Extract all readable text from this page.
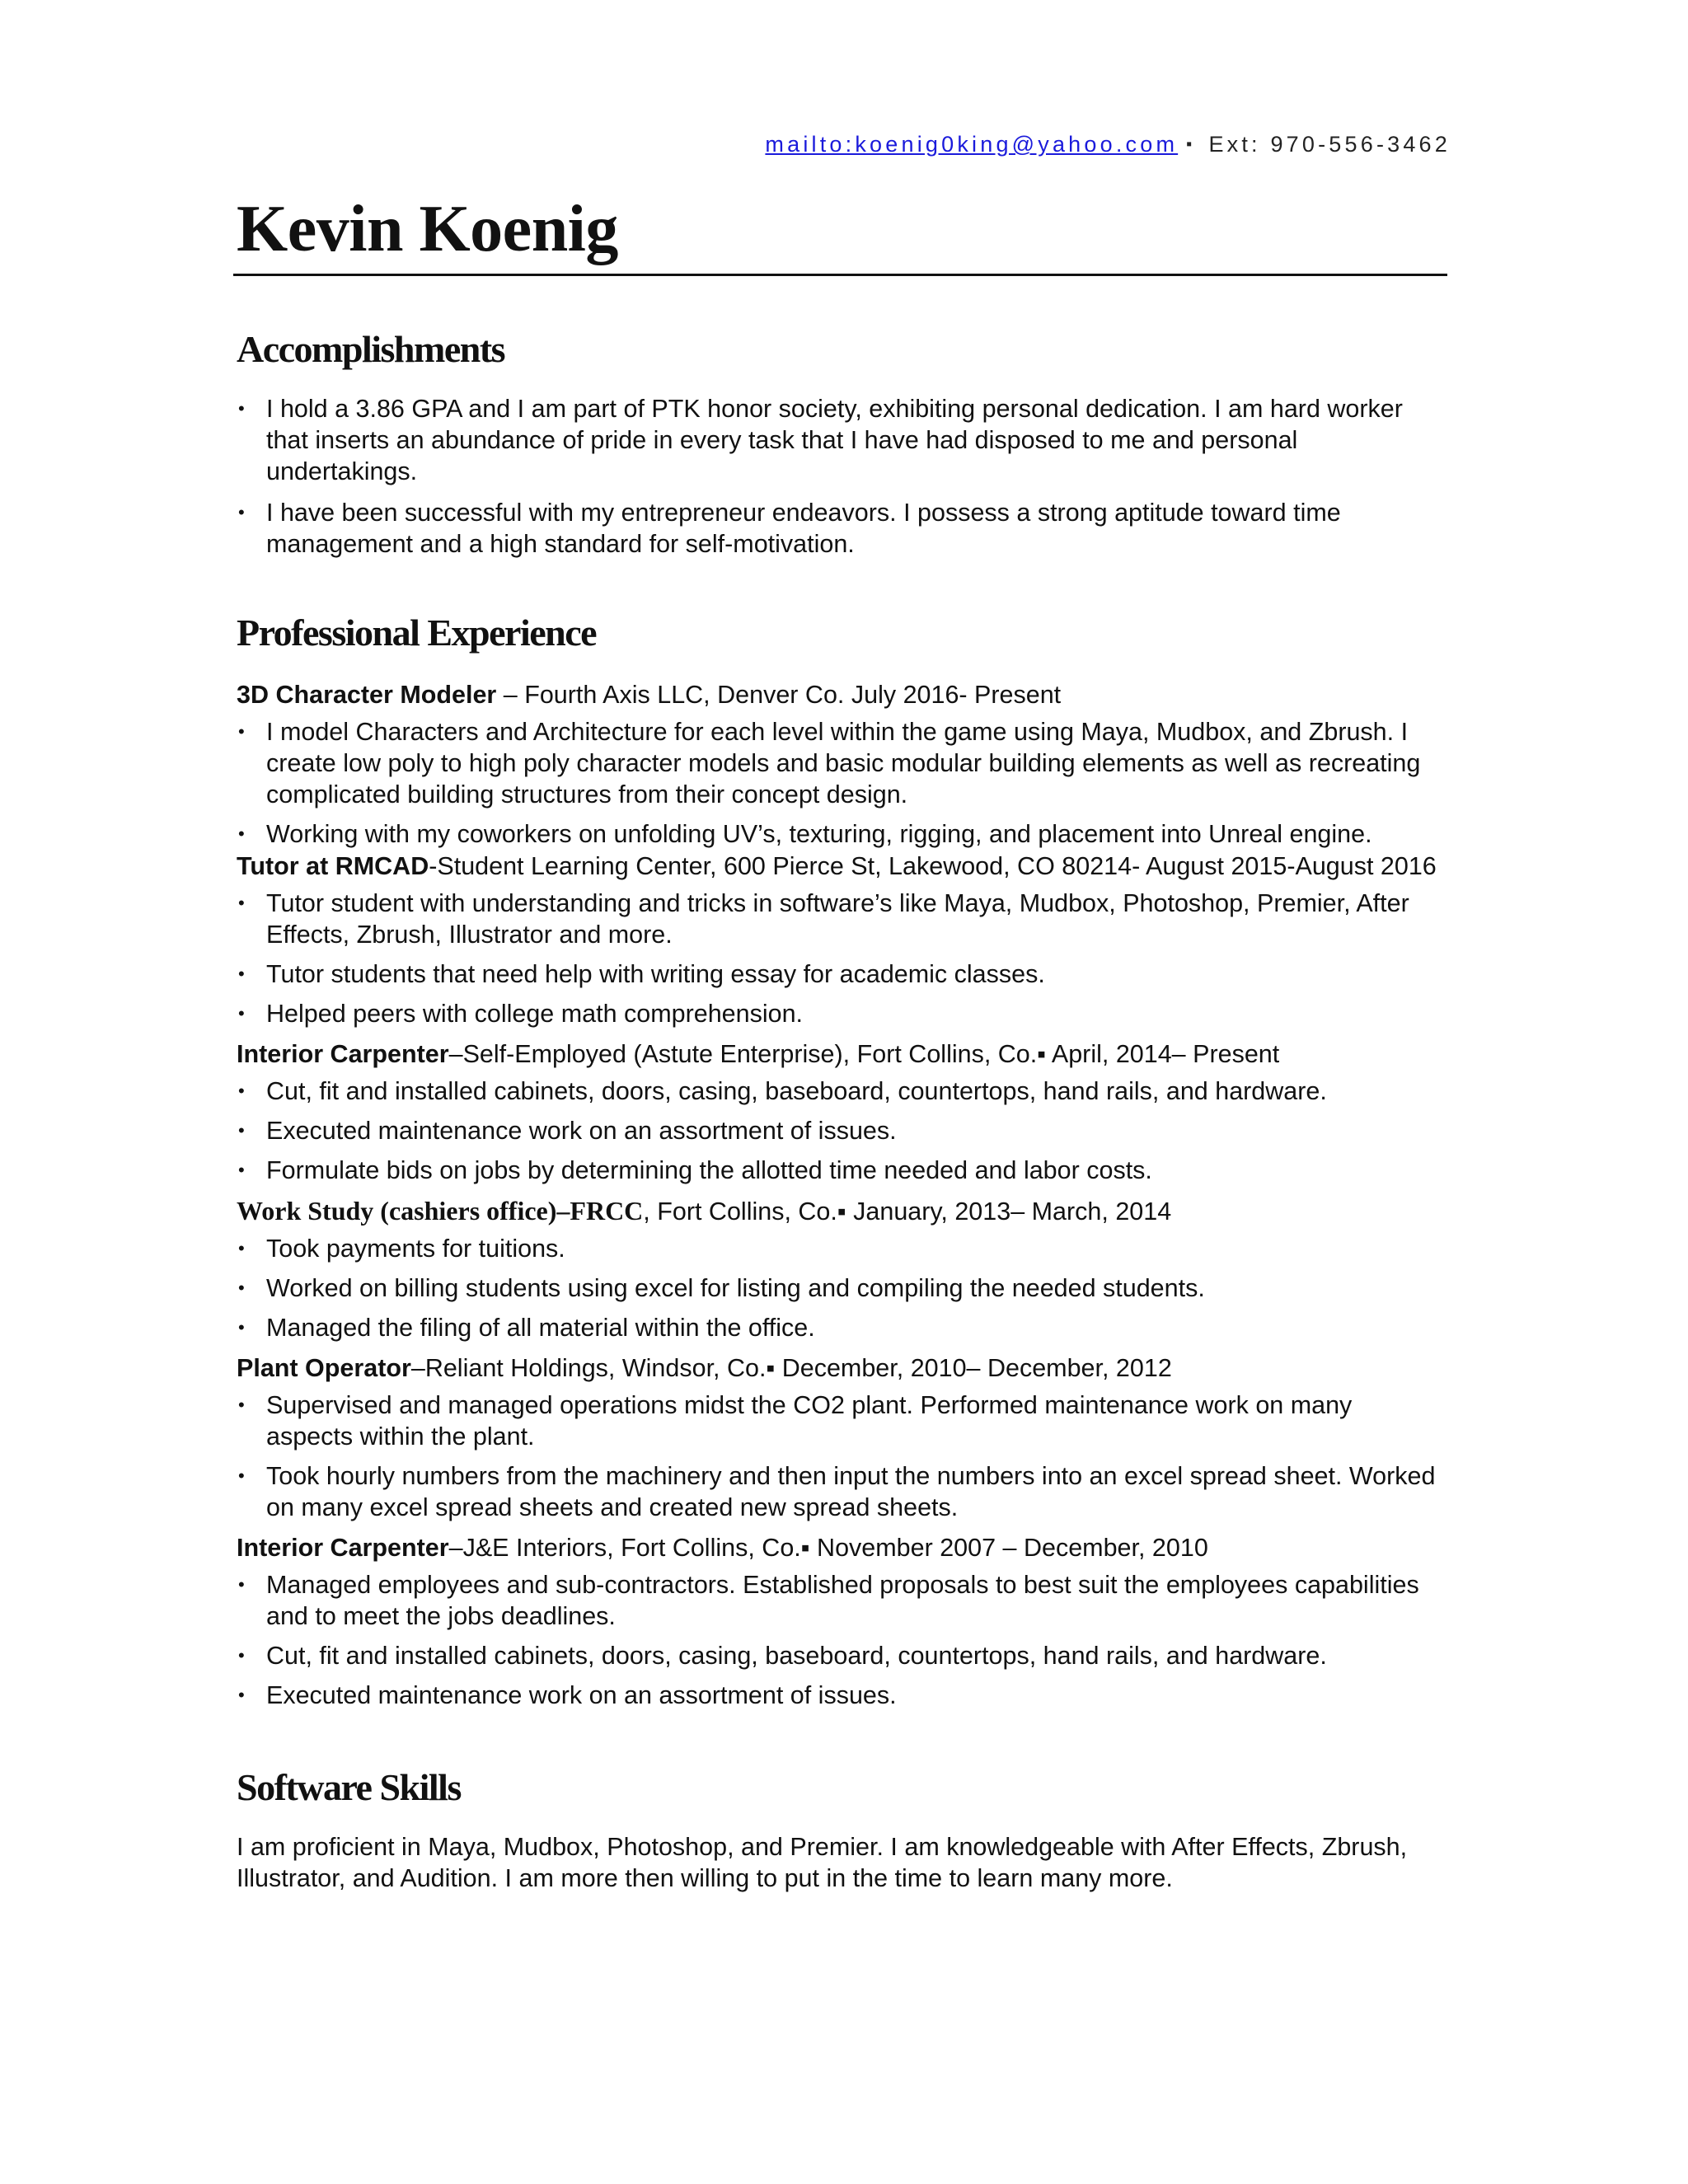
mailto:koenig0king@yahoo.com ▪ Ext: 970-556-3462
Kevin Koenig
Accomplishments
• I hold a 3.86 GPA and I am part of PTK honor society, exhibiting personal dedication. I am hard worker that inserts an abundance of pride in every task that I have had disposed to me and personal undertakings.
• I have been successful with my entrepreneur endeavors. I possess a strong aptitude toward time management and a high standard for self-motivation.
Professional Experience
3D Character Modeler – Fourth Axis LLC, Denver Co. July 2016- Present
• I model Characters and Architecture for each level within the game using Maya, Mudbox, and Zbrush. I create low poly to high poly character models and basic modular building elements as well as recreating complicated building structures from their concept design.
• Working with my coworkers on unfolding UV’s, texturing, rigging, and placement into Unreal engine.
Tutor at RMCAD-Student Learning Center, 600 Pierce St, Lakewood, CO 80214- August 2015-August 2016
• Tutor student with understanding and tricks in software’s like Maya, Mudbox, Photoshop, Premier, After Effects, Zbrush, Illustrator and more.
• Tutor students that need help with writing essay for academic classes.
• Helped peers with college math comprehension.
Interior Carpenter–Self-Employed (Astute Enterprise), Fort Collins, Co.▪ April, 2014– Present
• Cut, fit and installed cabinets, doors, casing, baseboard, countertops, hand rails, and hardware.
• Executed maintenance work on an assortment of issues.
• Formulate bids on jobs by determining the allotted time needed and labor costs.
Work Study (cashiers office)–FRCC, Fort Collins, Co.▪ January, 2013– March, 2014
• Took payments for tuitions.
• Worked on billing students using excel for listing and compiling the needed students.
• Managed the filing of all material within the office.
Plant Operator–Reliant Holdings, Windsor, Co.▪ December, 2010– December, 2012
• Supervised and managed operations midst the CO2 plant. Performed maintenance work on many aspects within the plant.
• Took hourly numbers from the machinery and then input the numbers into an excel spread sheet. Worked on many excel spread sheets and created new spread sheets.
Interior Carpenter–J&E Interiors, Fort Collins, Co.▪ November 2007 – December, 2010
• Managed employees and sub-contractors. Established proposals to best suit the employees capabilities and to meet the jobs deadlines.
• Cut, fit and installed cabinets, doors, casing, baseboard, countertops, hand rails, and hardware.
• Executed maintenance work on an assortment of issues.
Software Skills
I am proficient in Maya, Mudbox, Photoshop, and Premier. I am knowledgeable with After Effects, Zbrush, Illustrator, and Audition. I am more then willing to put in the time to learn many more.
